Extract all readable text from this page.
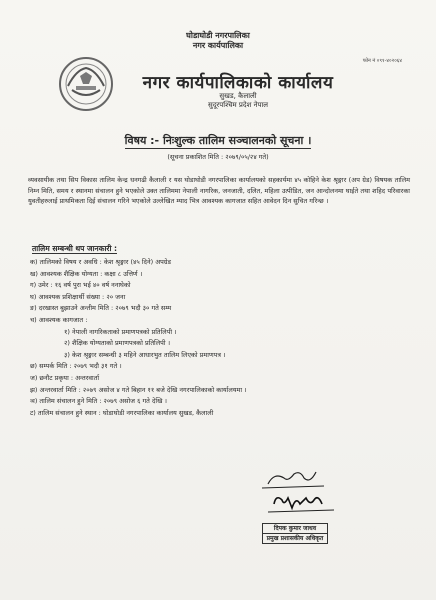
फोन नं ०९१-४०२०६४
घोडाघोडी नगरपालिका
नगर कार्यपालिका
नगर कार्यपालिकाको कार्यालय
सुखड, कैलाली
सुदूरपश्चिम प्रदेश नेपाल
विषय :- निःशुल्क तालिम सञ्चालनको सूचना ।
(सूचना प्रकाशित मिति : २०७९/०५/२४ गते)
व्यवसायीक तथा सिप विकास तालिम केन्द्र धनगढी कैलाली र यस घोडाघोडी नगरपालिका कार्यालयको सहकार्यमा ४५ कोहिने केश श्रृङ्गार (अप ग्रेड) विषयक तालिम निम्न मिति, समय र स्थानमा संचालन हुने भएकोले उक्त तालिममा नेपाली नागरिक, जनजाती, दलित, महिला उत्पीडित, जन आन्दोलनमा घाईते तथा शहिद परिवारका युवतीहरुलाई प्राथमिकता दिई संचालन गरिने भएकोले उल्लेखित म्याद भित्र आवश्यक कागजात सहित आवेदन दिन सुचित गरिन्छ ।
तालिम सम्बन्धी थप जानकारी :
क) तालिमको विषय र अवधि : केश श्रृङ्गार (४५ दिने) अपग्रेड
ख) आवश्यक शैक्षिक योग्यता : कक्षा ८ उत्तिर्ण ।
ग) उमेर : १६ वर्ष पुरा भई ४० वर्ष ननाघेको
घ) आवश्यक प्रशिक्षार्थी संख्या : २० जना
ङ) दरखास्त बुझाउने अन्तीम मिति : २०७९ भदौ ३० गते सम्म
च) आवश्यक कागजात :
१) नेपाली नागरिकताको प्रमाणपत्रको प्रतिलिपी ।
२) शैक्षिक योग्यताको प्रमाणपत्रको प्रतिलिपी ।
३) केश श्रृङ्गार सम्बन्धी ३ महिने आधारभुत तालिम लिएको प्रमाणपत्र ।
छ) सम्पर्क मिति : २०७९ भदौ ३१ गते ।
ज) छनौट प्रकृया : अन्तरवार्ता
झ) अन्तरवार्ता मिति : २०७९ असोज ४ गते बिहान ११ बजे देखि नगरपालिकाको कार्यालयमा ।
ञ) तालिम संचालन हुने मिति : २०७९ असोज ६ गते देखि ।
ट) तालिम संचालन हुने स्थान : घोडाघोडी नगरपालिका कार्यालय सुखड, कैलाली
दिपक कुमार जाधव
प्रमुख प्रशासकीय अधिकृत
